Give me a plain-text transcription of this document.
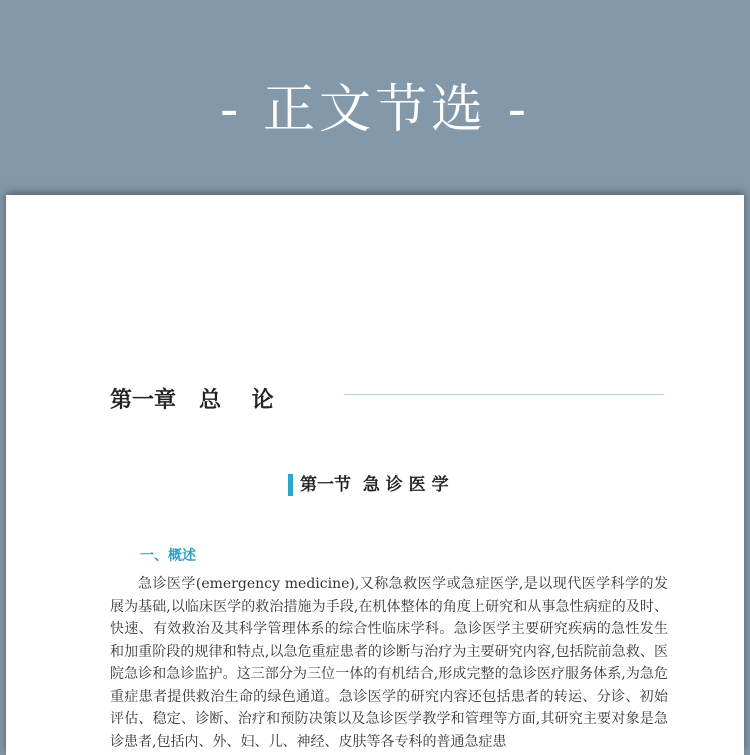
- 正文节选 -
第一章   总    论
第一节  急 诊 医 学
一、概述

急诊医学(emergency medicine),又称急救医学或急症医学,是以现代医学科学的发展为基础,以临床医学的救治措施为手段,在机体整体的角度上研究和从事急性病症的及时、快速、有效救治及其科学管理体系的综合性临床学科。急诊医学主要研究疾病的急性发生和加重阶段的规律和特点,以急危重症患者的诊断与治疗为主要研究内容,包括院前急救、医院急诊和急诊监护。这三部分为三位一体的有机结合,形成完整的急诊医疗服务体系,为急危重症患者提供救治生命的绿色通道。急诊医学的研究内容还包括患者的转运、分诊、初始评估、稳定、诊断、治疗和预防决策以及急诊医学教学和管理等方面,其研究主要对象是急诊患者,包括内、外、妇、儿、神经、皮肤等各专科的普通急症患
